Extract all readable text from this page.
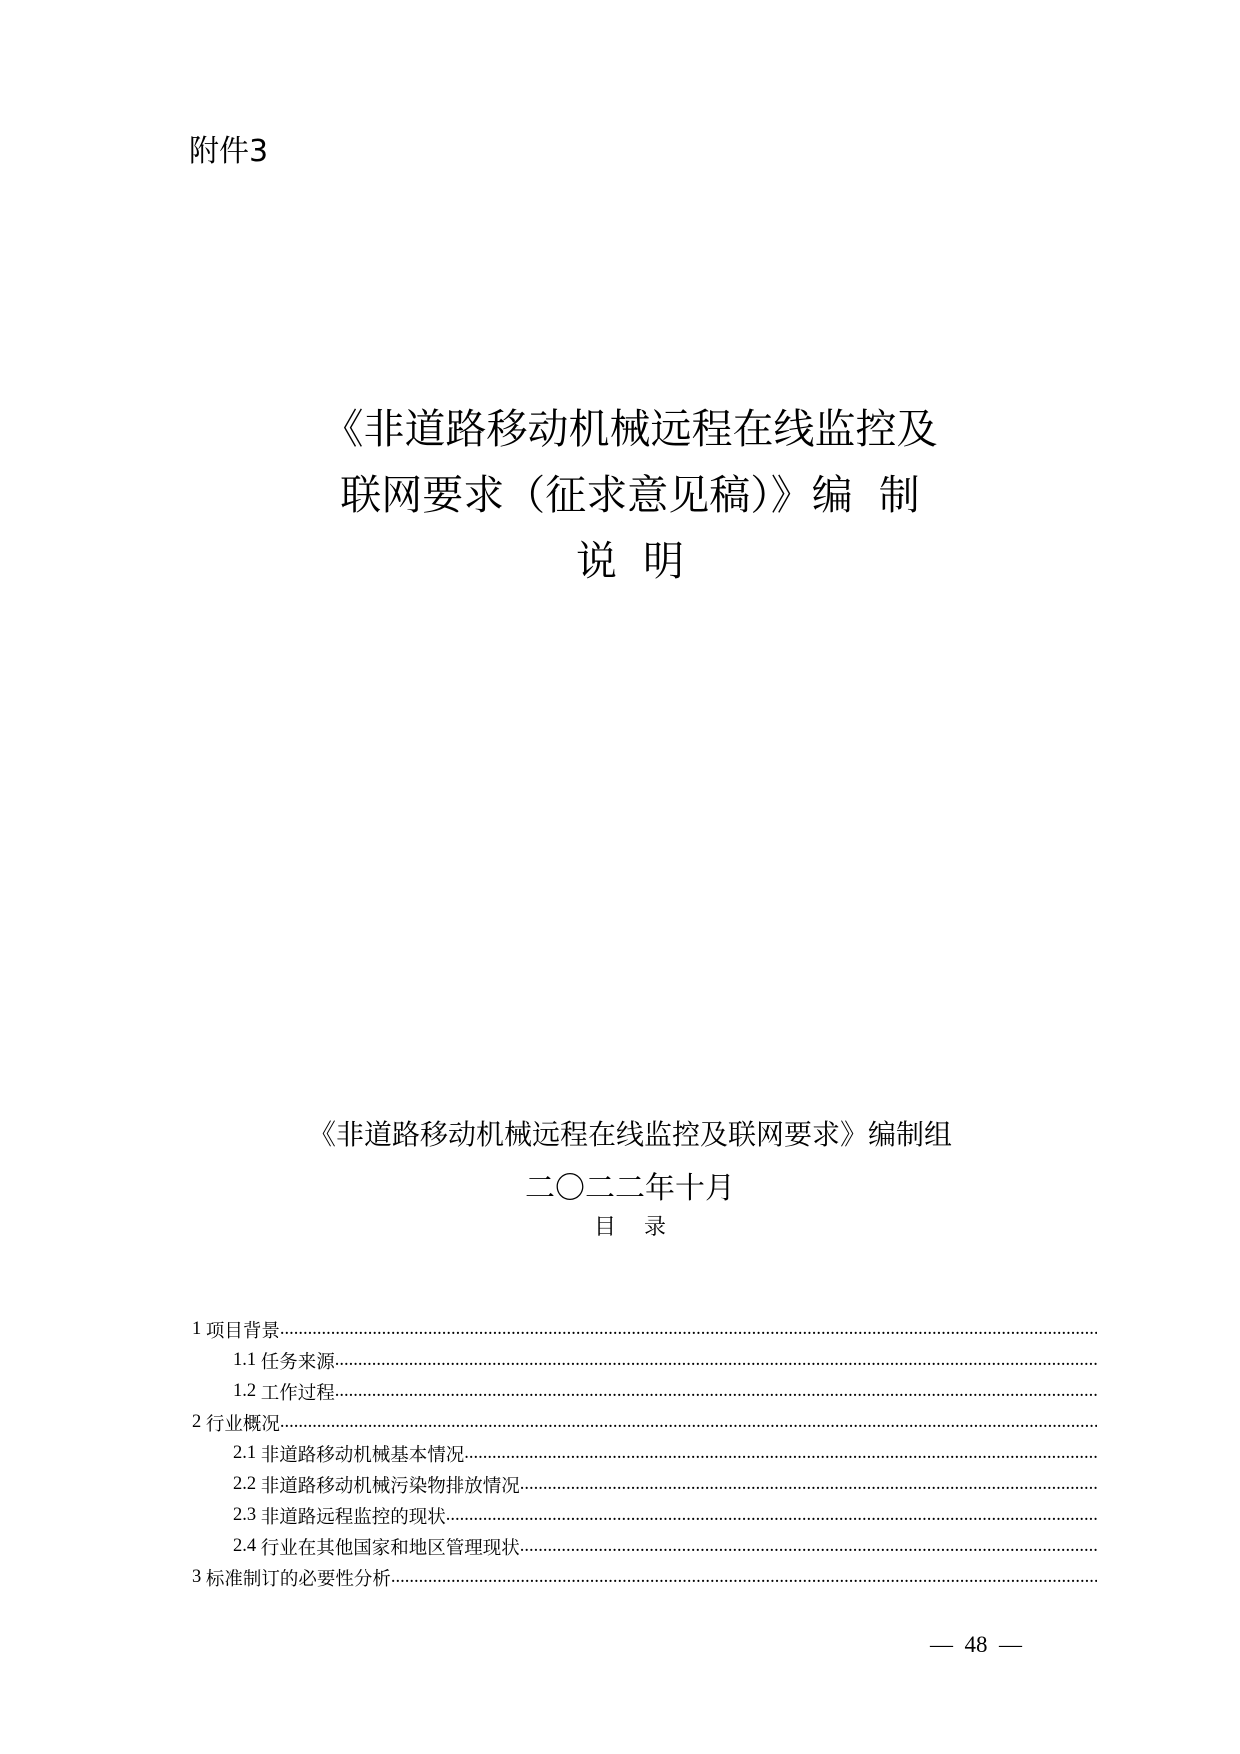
附件3
《非道路移动机械远程在线监控及
联网要求（征求意见稿）》编  制
说  明
《非道路移动机械远程在线监控及联网要求》编制组
二〇二二年十月
目    录
1
项目背景
.....
1.1
任务来源
.....
1.2
工作过程
.....
2
行业概况
.....
2.1
非道路移动机械基本情况
.....
2.2
非道路移动机械污染物排放情况
.....
2.3
非道路远程监控的现状
.....
2.4
行业在其他国家和地区管理现状
.....
3
标准制订的必要性分析
.....
—  48  —
